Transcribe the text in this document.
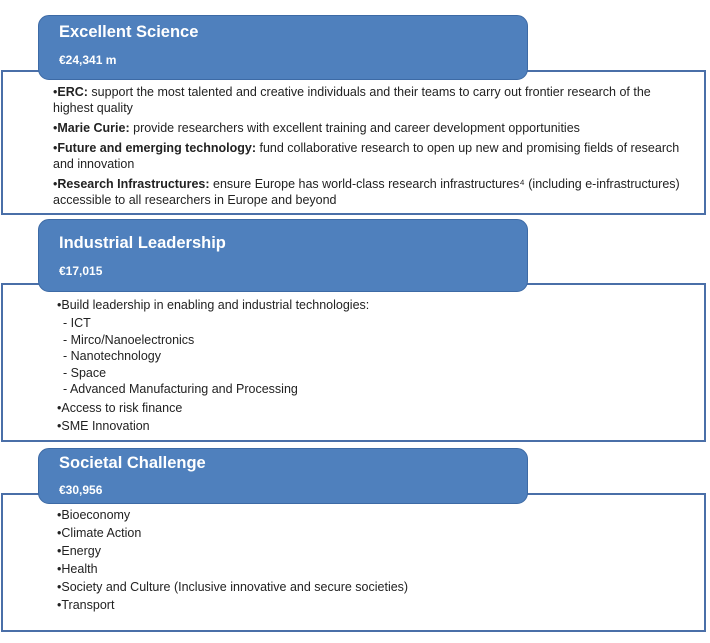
•ERC: support the most talented and creative individuals and their teams to carry out frontier research of the highest quality
•Marie Curie: provide researchers with excellent training and career development opportunities
•Future and emerging technology: fund collaborative research to open up new and promising fields of research and innovation
•Research Infrastructures: ensure Europe has world-class research infrastructures⁴ (including e-infrastructures) accessible to all researchers in Europe and beyond
Excellent Science
€24,341 m
•Build leadership in enabling and industrial technologies:
- ICT
- Mirco/Nanoelectronics
- Nanotechnology
- Space
- Advanced Manufacturing and Processing
•Access to risk finance
•SME Innovation
Industrial Leadership
€17,015
•Bioeconomy
•Climate Action
•Energy
•Health
•Society and Culture (Inclusive innovative and secure societies)
•Transport
Societal Challenge
€30,956
